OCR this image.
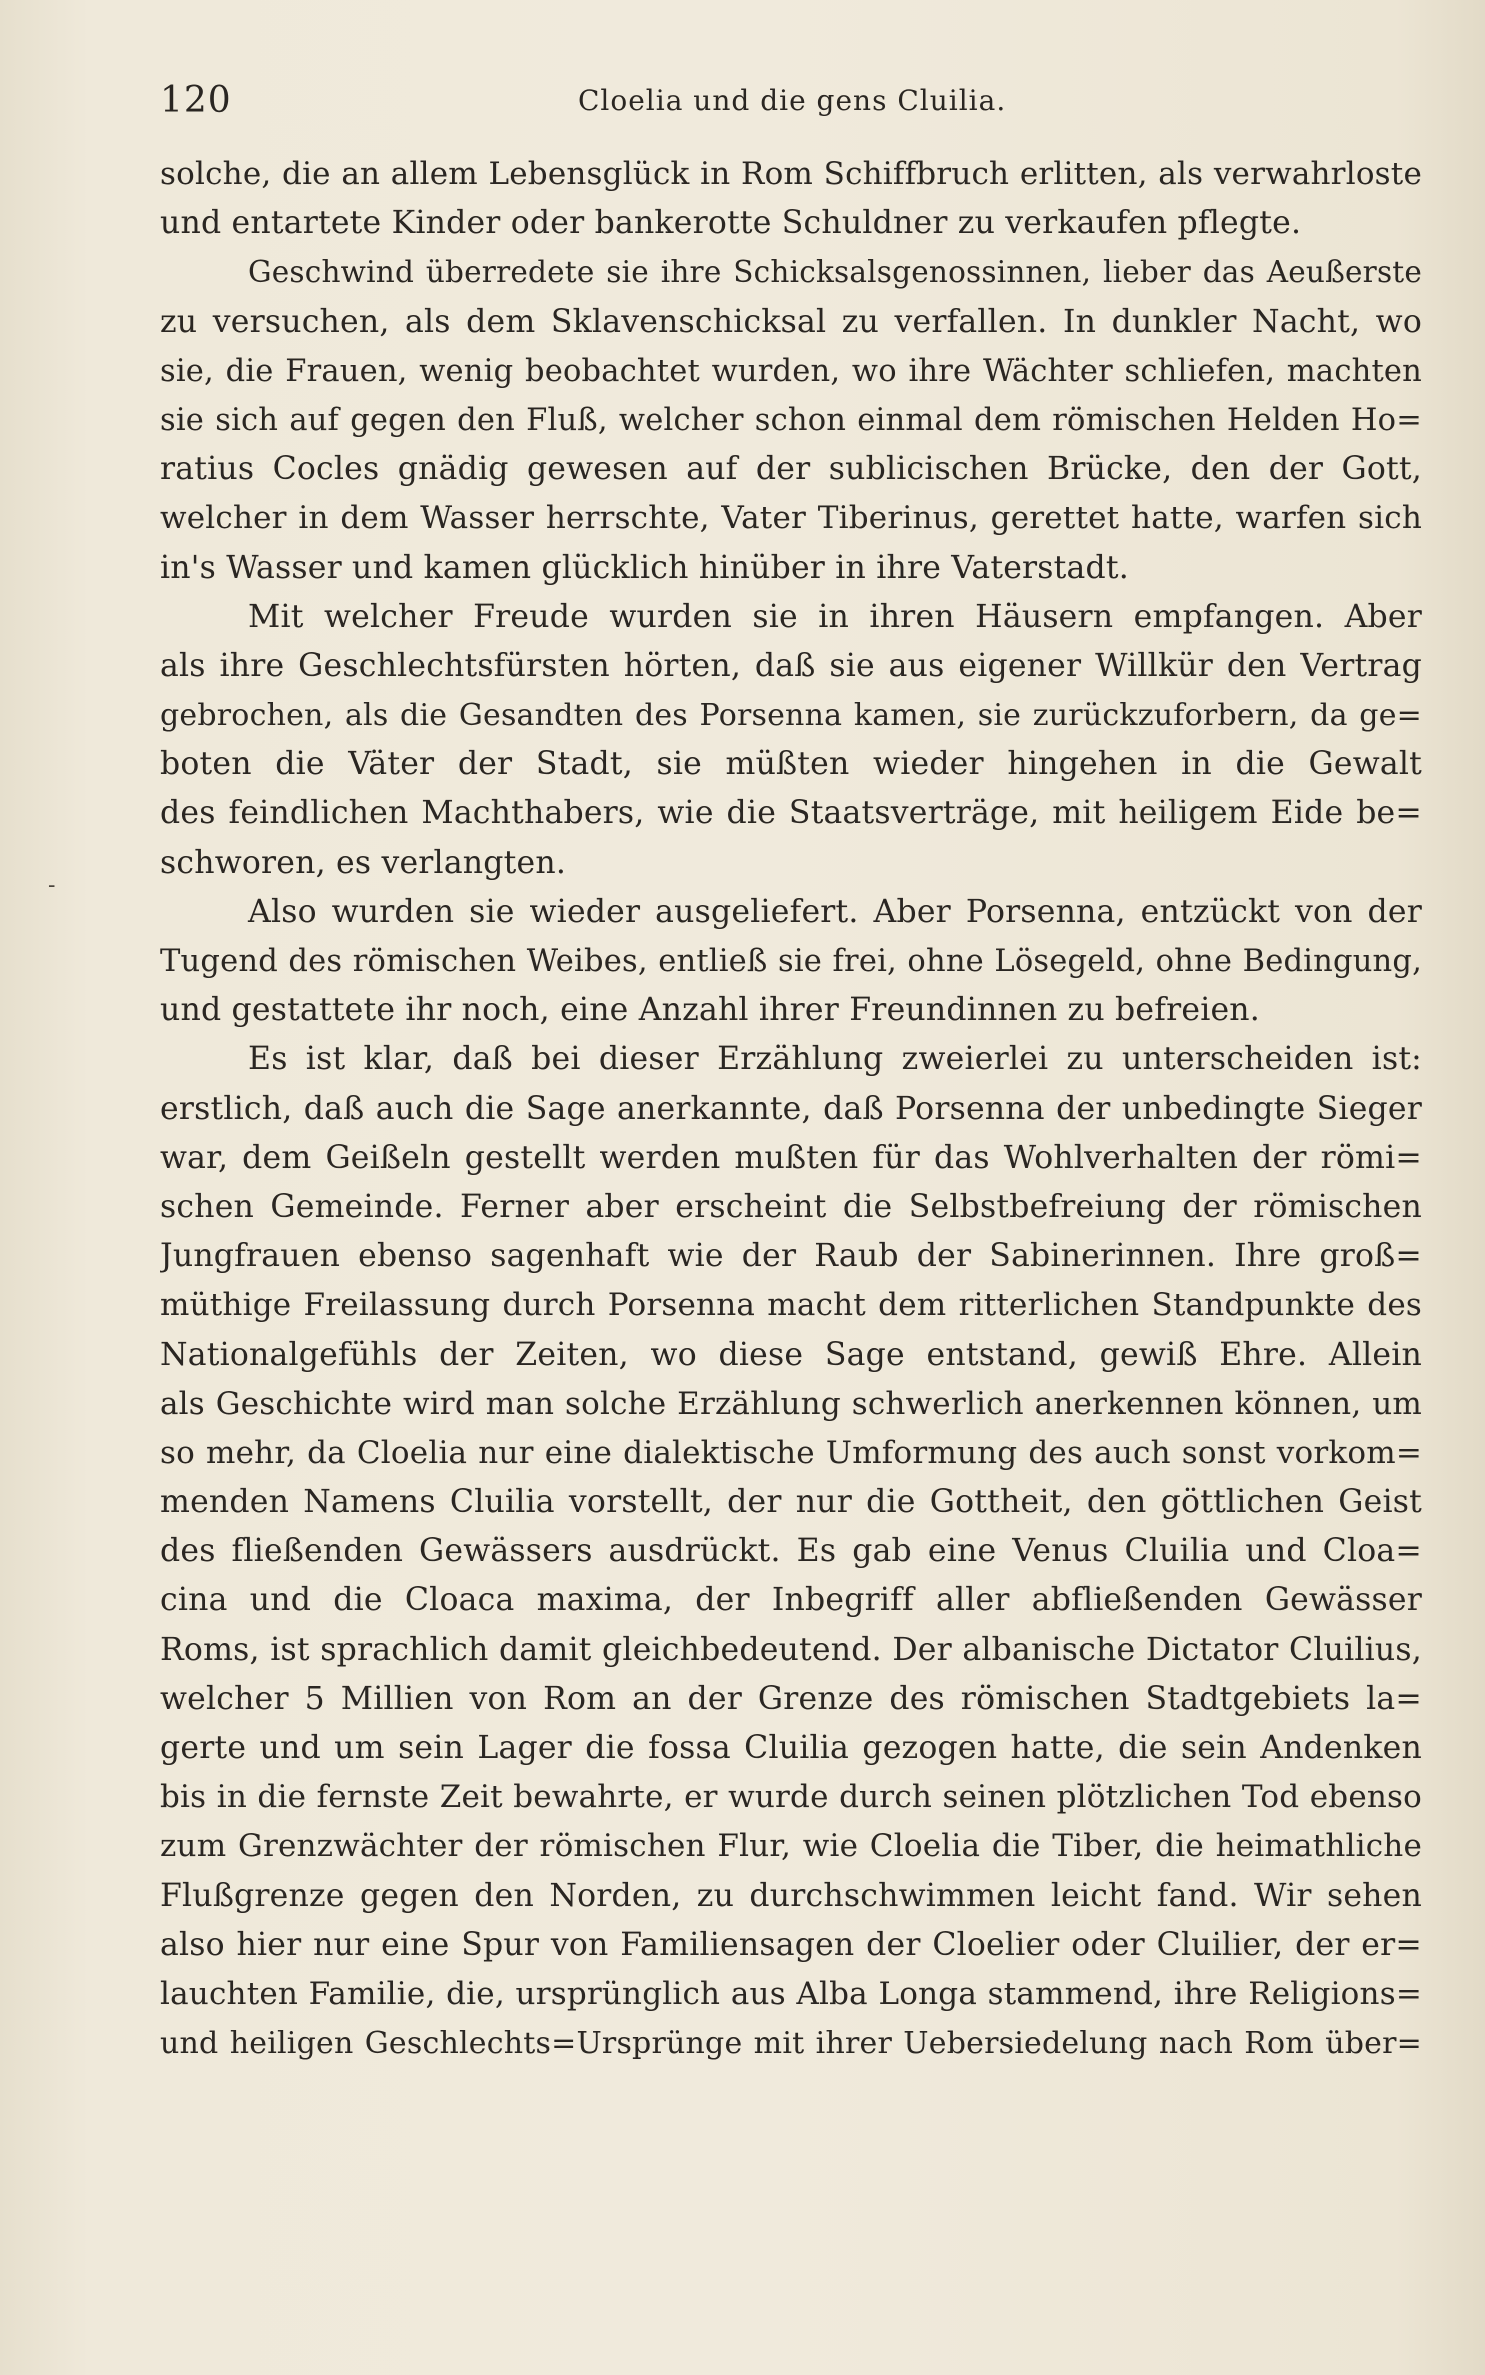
120	Cloelia und die gens Cluilia.
-
solche, die an allem Lebensglück in Rom Schiffbruch erlitten, als verwahrloste
und entartete Kinder oder bankerotte Schuldner zu verkaufen pflegte.
Geschwind überredete sie ihre Schicksalsgenossinnen, lieber das Aeußerste
zu versuchen, als dem Sklavenschicksal zu verfallen. In dunkler Nacht, wo
sie, die Frauen, wenig beobachtet wurden, wo ihre Wächter schliefen, machten
sie sich auf gegen den Fluß, welcher schon einmal dem römischen Helden Ho=
ratius Cocles gnädig gewesen auf der sublicischen Brücke, den der Gott,
welcher in dem Wasser herrschte, Vater Tiberinus, gerettet hatte, warfen sich
in's Wasser und kamen glücklich hinüber in ihre Vaterstadt.
Mit welcher Freude wurden sie in ihren Häusern empfangen. Aber
als ihre Geschlechtsfürsten hörten, daß sie aus eigener Willkür den Vertrag
gebrochen, als die Gesandten des Porsenna kamen, sie zurückzuforbern, da ge=
boten die Väter der Stadt, sie müßten wieder hingehen in die Gewalt
des feindlichen Machthabers, wie die Staatsverträge, mit heiligem Eide be=
schworen, es verlangten.
Also wurden sie wieder ausgeliefert. Aber Porsenna, entzückt von der
Tugend des römischen Weibes, entließ sie frei, ohne Lösegeld, ohne Bedingung,
und gestattete ihr noch, eine Anzahl ihrer Freundinnen zu befreien.
Es ist klar, daß bei dieser Erzählung zweierlei zu unterscheiden ist:
erstlich, daß auch die Sage anerkannte, daß Porsenna der unbedingte Sieger
war, dem Geißeln gestellt werden mußten für das Wohlverhalten der römi=
schen Gemeinde. Ferner aber erscheint die Selbstbefreiung der römischen
Jungfrauen ebenso sagenhaft wie der Raub der Sabinerinnen. Ihre groß=
müthige Freilassung durch Porsenna macht dem ritterlichen Standpunkte des
Nationalgefühls der Zeiten, wo diese Sage entstand, gewiß Ehre. Allein
als Geschichte wird man solche Erzählung schwerlich anerkennen können, um
so mehr, da Cloelia nur eine dialektische Umformung des auch sonst vorkom=
menden Namens Cluilia vorstellt, der nur die Gottheit, den göttlichen Geist
des fließenden Gewässers ausdrückt. Es gab eine Venus Cluilia und Cloa=
cina und die Cloaca maxima, der Inbegriff aller abfließenden Gewässer
Roms, ist sprachlich damit gleichbedeutend. Der albanische Dictator Cluilius,
welcher 5 Millien von Rom an der Grenze des römischen Stadtgebiets la=
gerte und um sein Lager die fossa Cluilia gezogen hatte, die sein Andenken
bis in die fernste Zeit bewahrte, er wurde durch seinen plötzlichen Tod ebenso
zum Grenzwächter der römischen Flur, wie Cloelia die Tiber, die heimathliche
Flußgrenze gegen den Norden, zu durchschwimmen leicht fand. Wir sehen
also hier nur eine Spur von Familiensagen der Cloelier oder Cluilier, der er=
lauchten Familie, die, ursprünglich aus Alba Longa stammend, ihre Religions=
und heiligen Geschlechts=Ursprünge mit ihrer Uebersiedelung nach Rom über=
